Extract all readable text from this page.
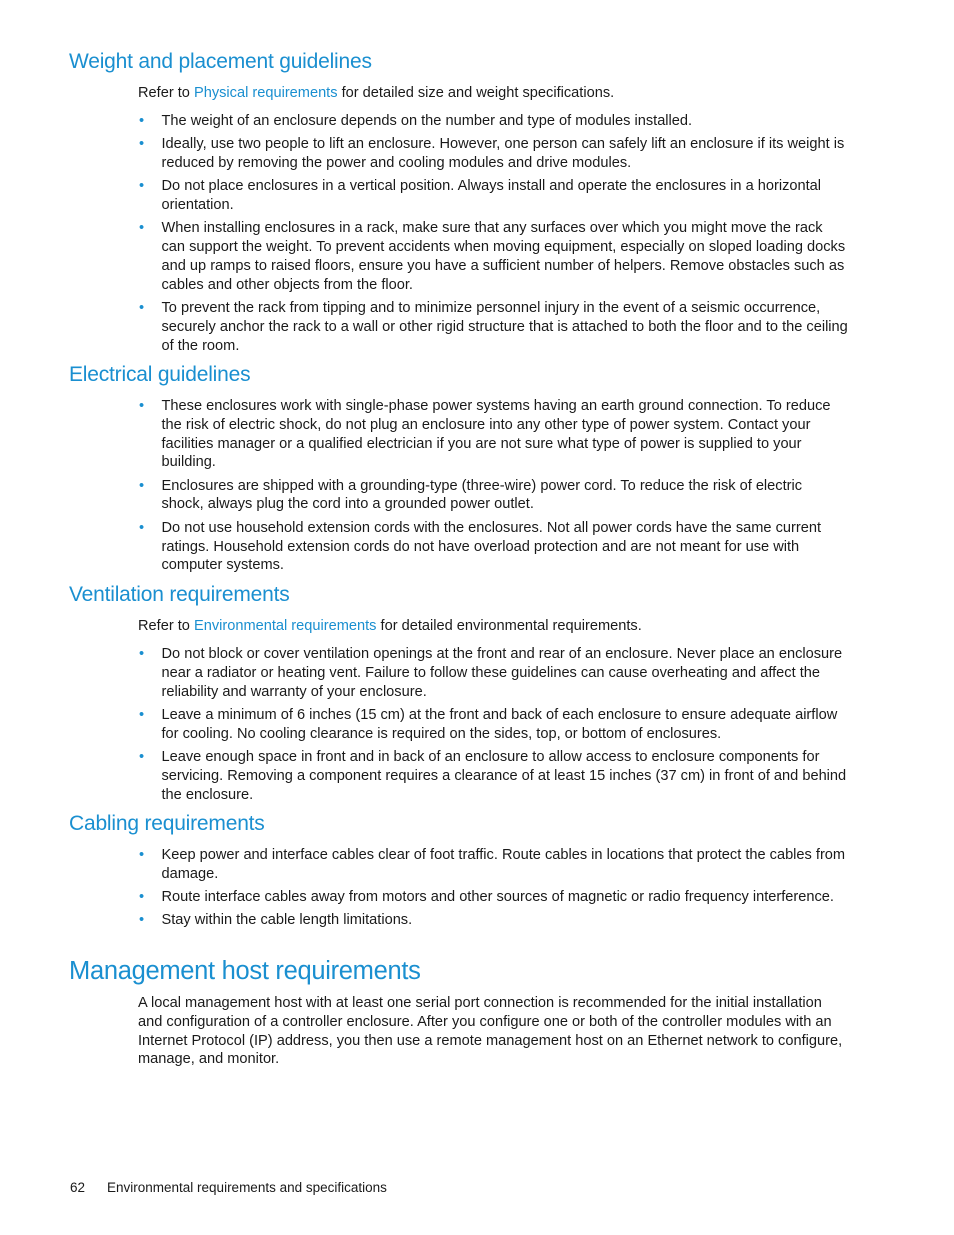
Weight and placement guidelines

Refer to Physical requirements for detailed size and weight specifications.

• The weight of an enclosure depends on the number and type of modules installed.
• Ideally, use two people to lift an enclosure. However, one person can safely lift an enclosure if its weight is reduced by removing the power and cooling modules and drive modules.
• Do not place enclosures in a vertical position. Always install and operate the enclosures in a horizontal orientation.
• When installing enclosures in a rack, make sure that any surfaces over which you might move the rack can support the weight. To prevent accidents when moving equipment, especially on sloped loading docks and up ramps to raised floors, ensure you have a sufficient number of helpers. Remove obstacles such as cables and other objects from the floor.
• To prevent the rack from tipping and to minimize personnel injury in the event of a seismic occurrence, securely anchor the rack to a wall or other rigid structure that is attached to both the floor and to the ceiling of the room.
Electrical guidelines
• These enclosures work with single-phase power systems having an earth ground connection. To reduce the risk of electric shock, do not plug an enclosure into any other type of power system. Contact your facilities manager or a qualified electrician if you are not sure what type of power is supplied to your building.
• Enclosures are shipped with a grounding-type (three-wire) power cord. To reduce the risk of electric shock, always plug the cord into a grounded power outlet.
• Do not use household extension cords with the enclosures. Not all power cords have the same current ratings. Household extension cords do not have overload protection and are not meant for use with computer systems.
Ventilation requirements

Refer to Environmental requirements for detailed environmental requirements.

• Do not block or cover ventilation openings at the front and rear of an enclosure. Never place an enclosure near a radiator or heating vent. Failure to follow these guidelines can cause overheating and affect the reliability and warranty of your enclosure.
• Leave a minimum of 6 inches (15 cm) at the front and back of each enclosure to ensure adequate airflow for cooling. No cooling clearance is required on the sides, top, or bottom of enclosures.
• Leave enough space in front and in back of an enclosure to allow access to enclosure components for servicing. Removing a component requires a clearance of at least 15 inches (37 cm) in front of and behind the enclosure.
Cabling requirements
• Keep power and interface cables clear of foot traffic. Route cables in locations that protect the cables from damage.
• Route interface cables away from motors and other sources of magnetic or radio frequency interference.
• Stay within the cable length limitations.
Management host requirements

A local management host with at least one serial port connection is recommended for the initial installation and configuration of a controller enclosure. After you configure one or both of the controller modules with an Internet Protocol (IP) address, you then use a remote management host on an Ethernet network to configure, manage, and monitor.

62 Environmental requirements and specifications
